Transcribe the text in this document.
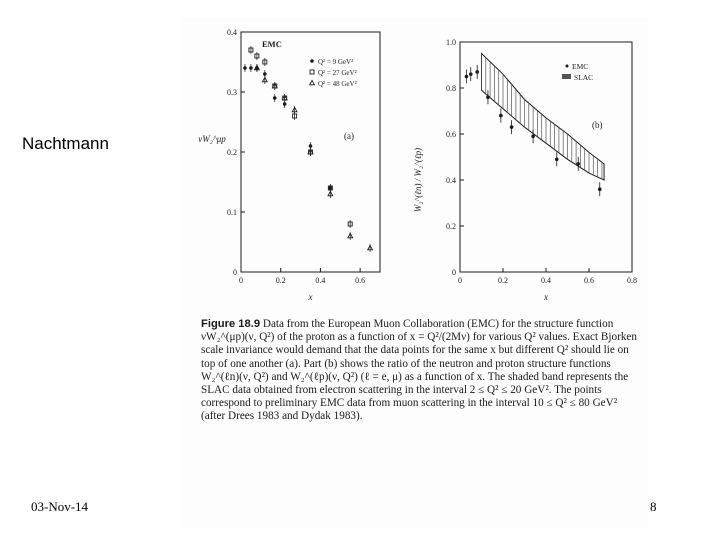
Nachtmann
0	0.2	0.4	0.6
0
0.1
0.2
0.3
0.4
x
νW₂^μp	(a)
EMC
Q² = 9 GeV²
Q² = 27 GeV²
Q² = 48 GeV²
0	0.2	0.4	0.6	0.8
0
0.2
0.4
0.6
0.8
1.0
x
W₂^(ℓn) / W₂^(ℓp)
(b)
EMC
SLAC
Figure 18.9 Data from the European Muon Collaboration (EMC) for the structure function νW₂^(μp)(ν, Q²) of the proton as a function of x = Q²/(2Mν) for various Q² values. Exact Bjorken scale invariance would demand that the data points for the same x but different Q² should lie on top of one another (a). Part (b) shows the ratio of the neutron and proton structure functions W₂^(ℓn)(ν, Q²) and W₂^(ℓp)(ν, Q²) (ℓ = e, μ) as a function of x. The shaded band represents the SLAC data obtained from electron scattering in the interval 2 ≤ Q² ≤ 20 GeV². The points correspond to preliminary EMC data from muon scattering in the interval 10 ≤ Q² ≤ 80 GeV² (after Drees 1983 and Dydak 1983).
03-Nov-14	8
